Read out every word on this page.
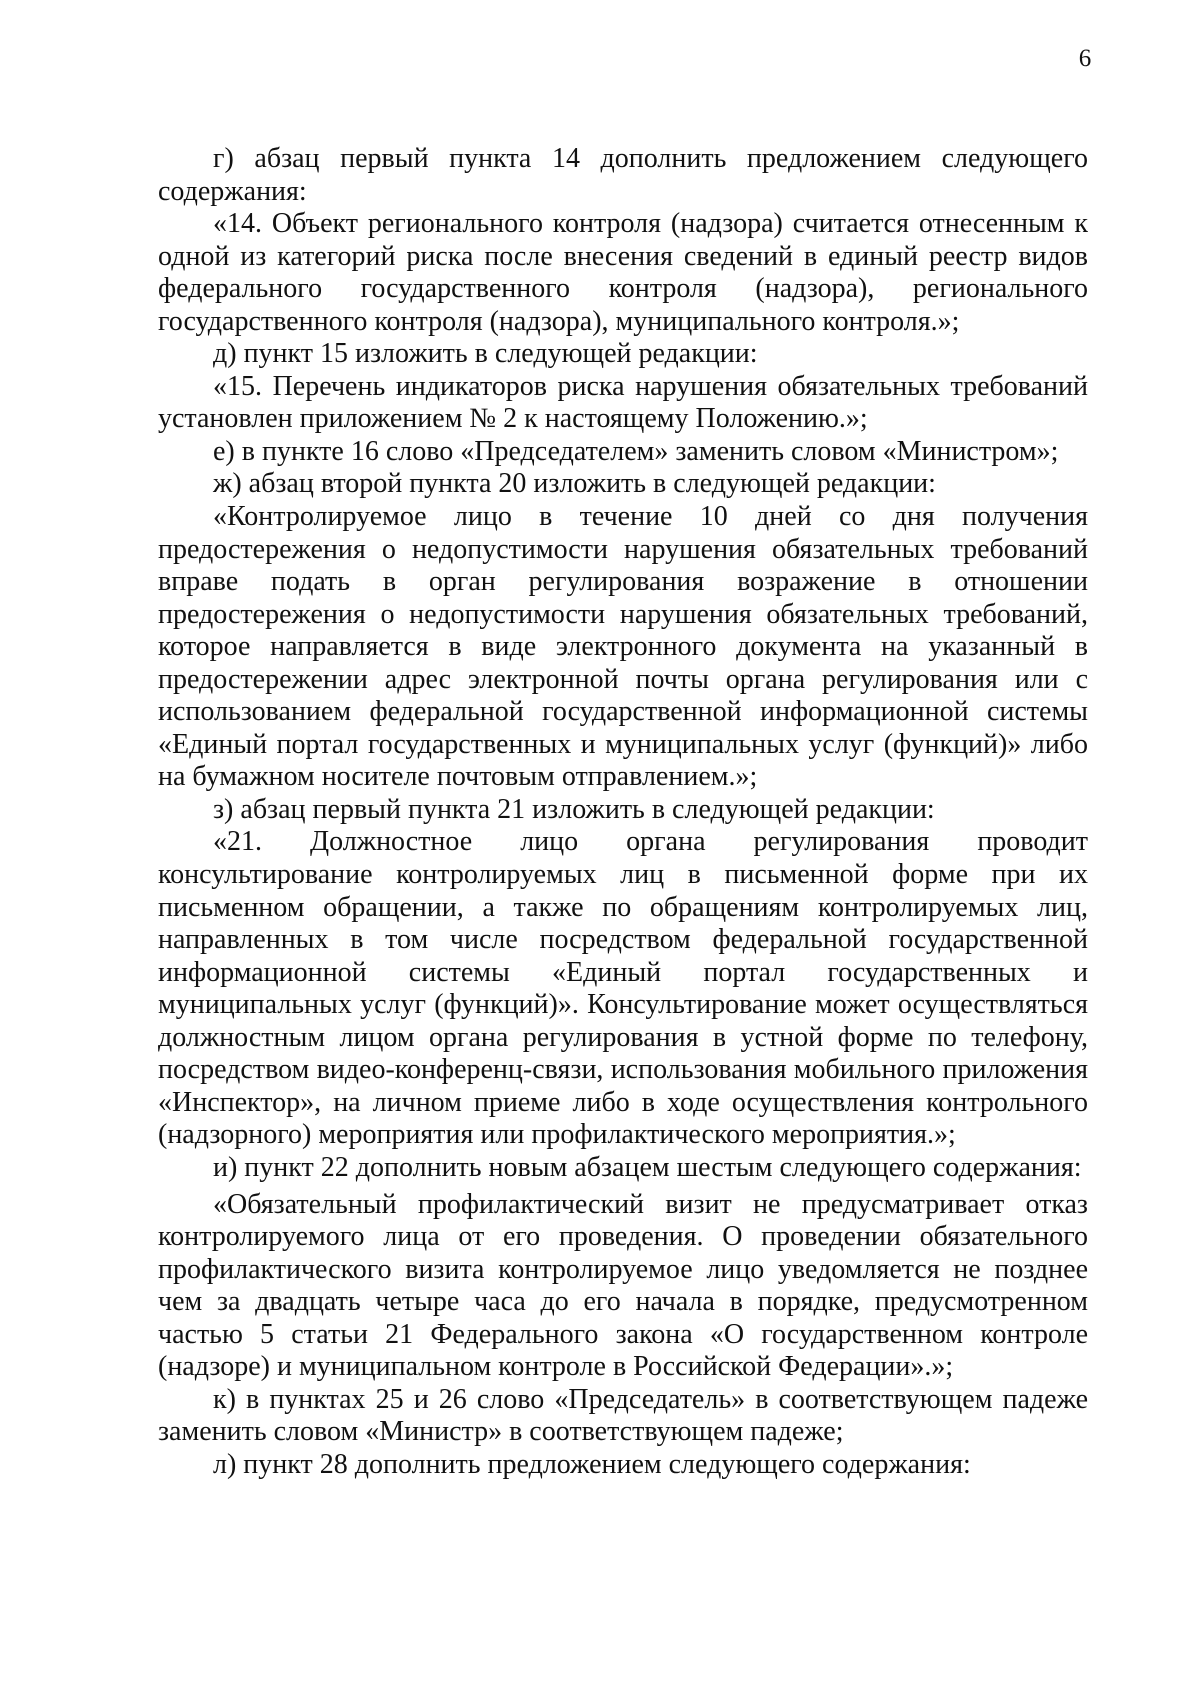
6

г) абзац первый пункта 14 дополнить предложением следующего содержания:

«14. Объект регионального контроля (надзора) считается отнесенным к одной из категорий риска после внесения сведений в единый реестр видов федерального государственного контроля (надзора), регионального государственного контроля (надзора), муниципального контроля.»;

д) пункт 15 изложить в следующей редакции:

«15. Перечень индикаторов риска нарушения обязательных требований установлен приложением № 2 к настоящему Положению.»;

е) в пункте 16 слово «Председателем» заменить словом «Министром»;

ж) абзац второй пункта 20 изложить в следующей редакции:

«Контролируемое лицо в течение 10 дней со дня получения предостережения о недопустимости нарушения обязательных требований вправе подать в орган регулирования возражение в отношении предостережения о недопустимости нарушения обязательных требований, которое направляется в виде электронного документа на указанный в предостережении адрес электронной почты органа регулирования или с использованием федеральной государственной информационной системы «Единый портал государственных и муниципальных услуг (функций)» либо на бумажном носителе почтовым отправлением.»;

з) абзац первый пункта 21 изложить в следующей редакции:

«21. Должностное лицо органа регулирования проводит консультирование контролируемых лиц в письменной форме при их письменном обращении, а также по обращениям контролируемых лиц, направленных в том числе посредством федеральной государственной информационной системы «Единый портал государственных и муниципальных услуг (функций)». Консультирование может осуществляться должностным лицом органа регулирования в устной форме по телефону, посредством видео-конференц-связи, использования мобильного приложения «Инспектор», на личном приеме либо в ходе осуществления контрольного (надзорного) мероприятия или профилактического мероприятия.»;

и) пункт 22 дополнить новым абзацем шестым следующего содержания:

«Обязательный профилактический визит не предусматривает отказ контролируемого лица от его проведения. О проведении обязательного профилактического визита контролируемое лицо уведомляется не позднее чем за двадцать четыре часа до его начала в порядке, предусмотренном частью 5 статьи 21 Федерального закона «О государственном контроле (надзоре) и муниципальном контроле в Российской Федерации».»;

к) в пунктах 25 и 26 слово «Председатель» в соответствующем падеже заменить словом «Министр» в соответствующем падеже;

л) пункт 28 дополнить предложением следующего содержания:
